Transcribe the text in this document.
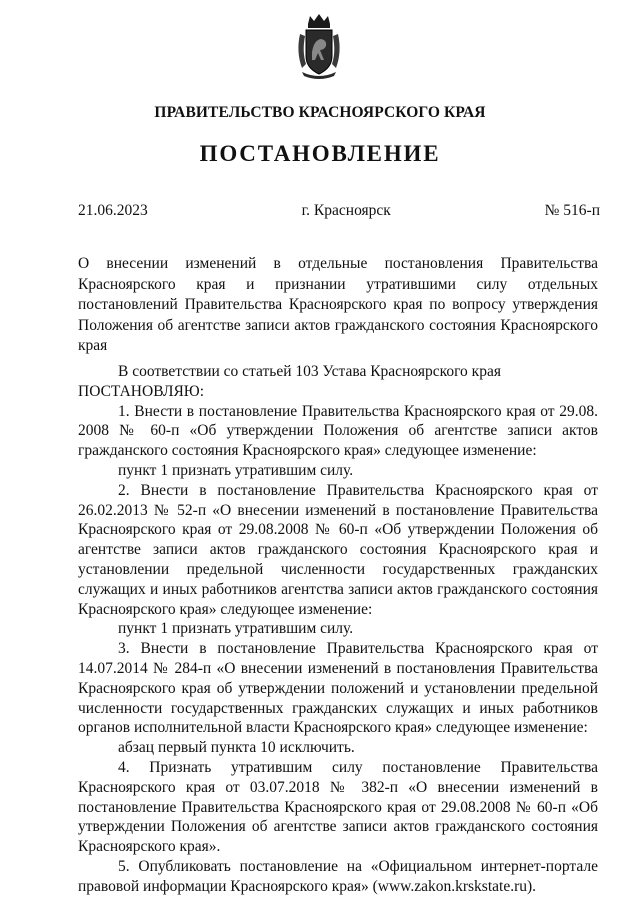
ПРАВИТЕЛЬСТВО КРАСНОЯРСКОГО КРАЯ
ПОСТАНОВЛЕНИЕ
21.06.2023	г. Красноярск	№ 516-п
О внесении изменений в отдельные постановления Правительства Красноярского края и признании утратившими силу отдельных постановлений Правительства Красноярского края по вопросу утверждения Положения об агентстве записи актов гражданского состояния Красноярского края

В соответствии со статьей 103 Устава Красноярского края

ПОСТАНОВЛЯЮ:

1. Внести в постановление Правительства Красноярского края от 29.08. 2008 № 60-п «Об утверждении Положения об агентстве записи актов гражданского состояния Красноярского края» следующее изменение:

пункт 1 признать утратившим силу.

2. Внести в постановление Правительства Красноярского края от 26.02.2013 № 52-п «О внесении изменений в постановление Правительства Красноярского края от 29.08.2008 № 60-п «Об утверждении Положения об агентстве записи актов гражданского состояния Красноярского края и установлении предельной численности государственных гражданских служащих и иных работников агентства записи актов гражданского состояния Красноярского края» следующее изменение:

пункт 1 признать утратившим силу.

3. Внести в постановление Правительства Красноярского края от 14.07.2014 № 284-п «О внесении изменений в постановления Правительства Красноярского края об утверждении положений и установлении предельной численности государственных гражданских служащих и иных работников органов исполнительной власти Красноярского края» следующее изменение:

абзац первый пункта 10 исключить.

4. Признать утратившим силу постановление Правительства Красноярского края от 03.07.2018 № 382-п «О внесении изменений в постановление Правительства Красноярского края от 29.08.2008 № 60-п «Об утверждении Положения об агентстве записи актов гражданского состояния Красноярского края».

5. Опубликовать постановление на «Официальном интернет-портале правовой информации Красноярского края» (www.zakon.krskstate.ru).
